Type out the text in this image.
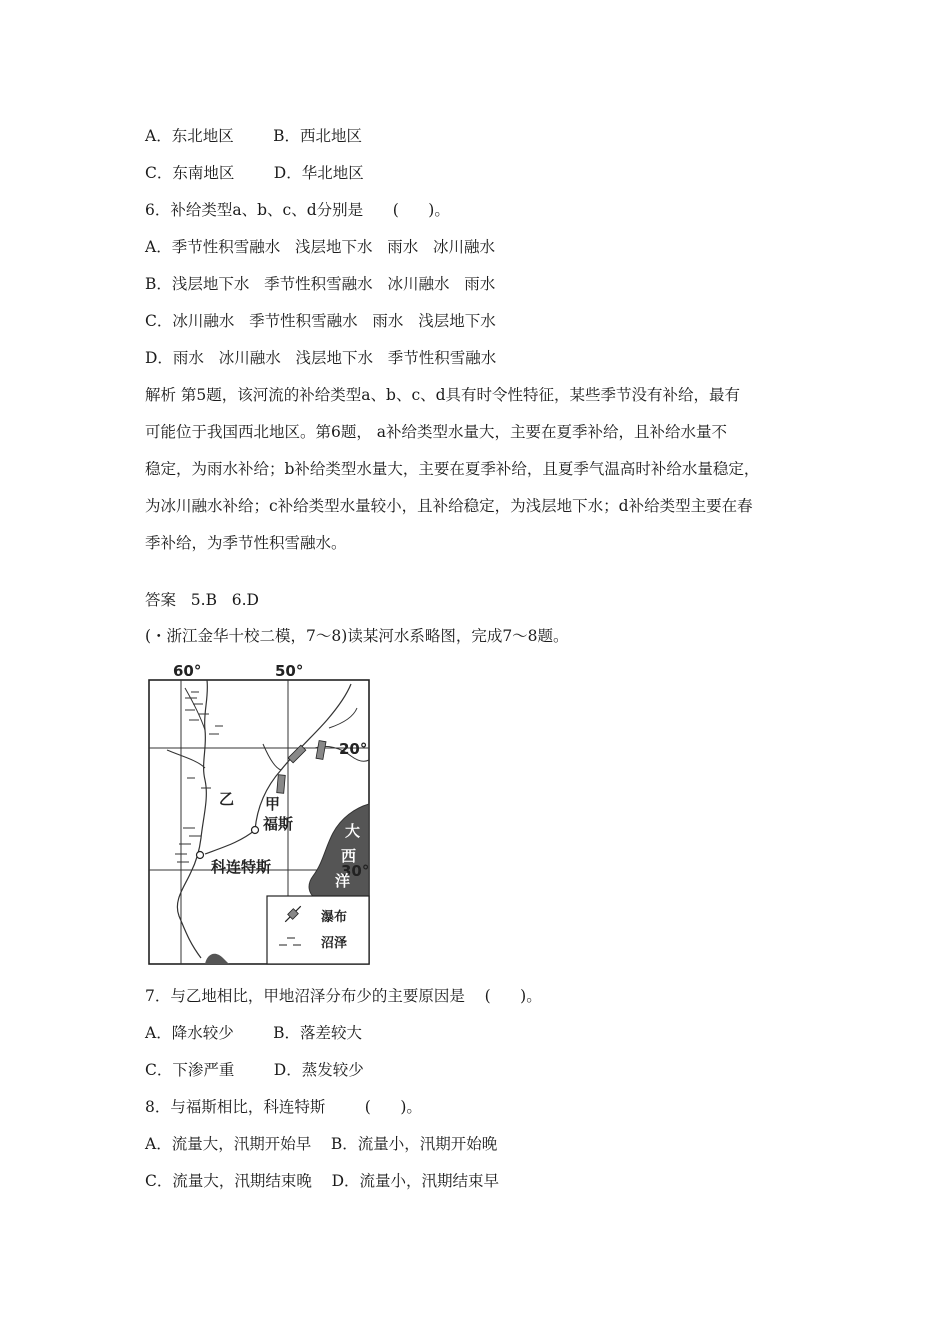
A．东北地区        B．西北地区
C．东南地区        D．华北地区
6．补给类型a、b、c、d分别是      (      )。
A．季节性积雪融水   浅层地下水   雨水   冰川融水
B．浅层地下水   季节性积雪融水   冰川融水   雨水
C．冰川融水   季节性积雪融水   雨水   浅层地下水
D．雨水   冰川融水   浅层地下水   季节性积雪融水
解析 第5题，该河流的补给类型a、b、c、d具有时令性特征，某些季节没有补给，最有
可能位于我国西北地区。第6题， a补给类型水量大，主要在夏季补给，且补给水量不
稳定，为雨水补给；b补给类型水量大，主要在夏季补给，且夏季气温高时补给水量稳定，
为冰川融水补给；c补给类型水量较小，且补给稳定，为浅层地下水；d补给类型主要在春
季补给，为季节性积雪融水。
答案   5.B   6.D
(・浙江金华十校二模，7～8)读某河水系略图，完成7～8题。
60°	50°
20°
30°
乙 甲
福斯
科连特斯
大
西
洋
瀑布
沼泽
7．与乙地相比，甲地沼泽分布少的主要原因是    (      )。
A．降水较少        B．落差较大
C．下渗严重        D．蒸发较少
8．与福斯相比，科连特斯        (      )。
A．流量大，汛期开始早    B．流量小，汛期开始晚
C．流量大，汛期结束晚    D．流量小，汛期结束早
